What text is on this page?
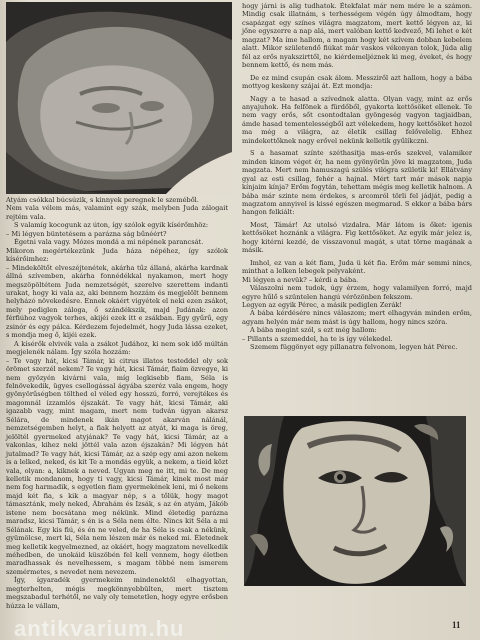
Atyám csókkal búcsúzik, s kinnyek peregnek le szeméből.
Nem vala vélem más, valamint egy szák, melyben Juda zálogait rejtém vala.

S valamíg kocogunk az úton, így szólok egyik kísérőmhöz:
– Mi légyen büntetésem a parázna ság bűnéért?

Égetni vala vagy. Mózes mondá a mi népének parancsát.
Mikoron megértékezünk Juda háza népéhez, így szólok kísérőimhez:
– Mindeköltőt elveszéjtenétek, akárha tűz állaná, akárha kardnak állná szívemben, akárha fonnédékkal nyakamon, mert hogy megszöpöltétem Juda nemzetségét, szerelve szerettem indanti urakat, hogy ki vala az, aki bennem hozzám és megjelölt bennem helyházó növekedésre. Ennek okáért vigyétek el neki ezen zsákot, mely pediglen záloga, ő szándékszik, majd Judának: azon férfiúhoz vagyok terhes, akijéi ezek itt e zsákban. Egy gyűrű, egy zsinór és egy pálca. Kérdezem fejedelmét, hogy Juda lássa ezeket, s mondja meg ő, kijéi ezek.

A kísérők elvivék vala a zsákot Judához, ki nem sok idő múltán megjelenék nálam. Így szóla hozzám:
– Te vagy hát, kicsi Támár, ki citrus illatos testeddel oly sok örömet szerzél nekem? Te vagy hát, kicsi Támár, fiaim özvegye, ki nem gyözyén kivárni vala, míg legkisebb fiam, Séla is felnövekedik, ügyes csellogással ágyába szeréz vala engem, hogy gyönyörűségben tölthed el véled egy hosszú, forró, verejtékes és magomnál ízzamlós éjszakát. Te vagy hát, kicsi Támár, aki igazabb vagy, mint magam, mert nem tudván úgyan akarsz Sélára, de mindenek ikán magot akarván nálánál, nemzetségemben helyt, a fiak helyett az atyát, ki maga is öreg, jelöltél gyermeked atyjának? Te vagy hát, kicsi Támár, az a vakonlas, kihez neki jöttél vala azon éjszakán? Mi légyen hát jutalmad? Te vagy hát, kicsi Támár, az a szép egy ami azon nekem is a lelked, neked, és kit Te a mondás együk, a nekem, a tieid közt vala, olyan: a, kiknek a neved. Ugyan meg ne itt, mi te. De meg kelletik mondanom, hogy ti vagy, kicsi Támár, kinek most már nem fog harmadik, s egyetlen fiam gyermekének leni, mi ő nekem majd két fia, s kik a magyar nép, s a tőlük, hogy magot támasztánk, mely neked, Ábrahám és Izsák, s az én atyám, Jákób istene nem bocsátana meg nékünk. Mind életedig parázna maradsz, kicsi Támár, s én is a Séla nem élte. Nincs kit Séla a mi Sélának. Egy kis fiú, és én ne veled, de ha Séla is csak a nékünk, gyümölcse, mert ki, Séla nem lészen már és neked mi. Életednek meg kelletik kegyelmezned, az okáért, hogy magzatom nevelkedik méhedben, de unokáid küszöbén fel kell vennem, hogy életben maradhassak és nevelhessem, s magam többé nem ismerem szemérmetes, s nevedet nem nevezem.

Így, ígyaradék gyermekeim mindenektől elhagyottan, megterhelten, mégis megkönnyebbülten, mert tisztem megszabadul terhétől, ne valy oly temetetlen, hogy egyre erősben húzza le vállam,

hogy járni is alig tudhatok. Étekfalat már nem mére le a számon. Mindig csak illatnám, s terhességem végén úgy álmodtam, hogy csapázgat egy színes világra magzatom, mert kettő légyen az, ki jőne egyszerre a nap alá, mert valóban kettő kedvező, Mi lehet e két magzat? Ma íme hallom, a magam hogy két szívem dobban kebelem alatt. Mikor születendő fiúkat már vaskos vékonyan tolok, Júda alig fél az erős nyakszirttől, ne kiérdemeljéznek ki meg, éveket, és hogy bennem kettő, és nem más.

De ez mind csupán csak álom. Messziről azt hallom, hogy a bába mottyog keskeny szájai át. Ezt mondja:

Nagy a te hasad a szívednek alatta. Olyan vagy, mint az erős anyajuhok. Ha felfönek a fürdőből, gyakorta kettősöket ellenek. Te nem vagy erős, sőt csontodtalan gyöngeség vagyon tagjaidban, ámde hasad tementelességből azt vélekedem, hogy kettősöket hozol ma még a világra, az életik csillag felővelelig. Ehhez mindekettőknek nagy erővel nekünk kelletik gyűlíkczni.

S a hasamat színte széthasitja mas-erős szekvel, valamiker minden kinom véget ér, ha nem gyönyörűn jöve ki magzatom, Juda magzata. Mert nem hamuszagú szülés vilógra születik ki! Ellátvány gyal az esti csillag, fehér a hajnal. Mért tart már mások napja kínjaim kínja? Erőm fogytán, tehettam mégis meg kelletik halnom. A bába már szinte nem érdekes, s arcomról törli fel jádját, pedig a magzatom annyivel is kissé egészen megmarad. S ekkor a bába bárs hangon felkiált:

Most, Támár! Az utolsó vizdalra. Már látom is őket: igenis kettősöket hoznánk a világra. Fig kettősöket. Az egyik már jelez is, hogy kitérni kezdé, de visszavonul magát, s utat törne magának a másik.

Imhol, ez van a két fiam, Juda ü két fia. Erőm már semmi nincs, minthat a lelken lebegek pelyvaként.
Mi légyen a nevük? – kérdi a bába.

Válaszolni nem tudok, úgy érzem, hogy valamilyen forró, majd egyre hűlő s szüntelen hangú vérözönben fekszom.
Legyen az egyik Pérec, a másik pediglen Zerák!

A bába kérdésére nincs válaszom; mert elhagyván minden erőm, agyam helyén már nem mást is úgy hallom, hogy nincs szóra.

A bába megint szól, s ezt még hallom:
– Pillants a szemeddel, ha te is így vélekedel.

Szemem függönyet egy pillanatra felvonom, legyen hát Pérec.

antikvarium.hu	11
